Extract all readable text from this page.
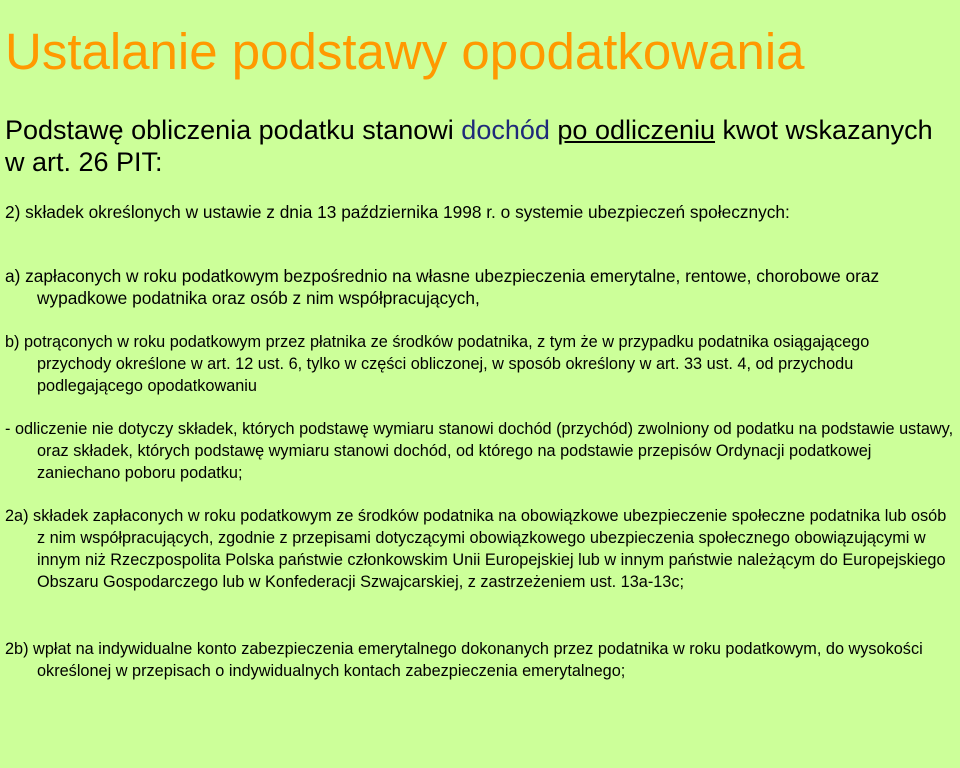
Ustalanie podstawy opodatkowania

Podstawę obliczenia podatku stanowi dochód po odliczeniu kwot wskazanych w art. 26 PIT:

2) składek określonych w ustawie z dnia 13 października 1998 r. o systemie ubezpieczeń społecznych:

a) zapłaconych w roku podatkowym bezpośrednio na własne ubezpieczenia emerytalne, rentowe, chorobowe oraz wypadkowe podatnika oraz osób z nim współpracujących,

b) potrąconych w roku podatkowym przez płatnika ze środków podatnika, z tym że w przypadku podatnika osiągającego przychody określone w art. 12 ust. 6, tylko w części obliczonej, w sposób określony w art. 33 ust. 4, od przychodu podlegającego opodatkowaniu

- odliczenie nie dotyczy składek, których podstawę wymiaru stanowi dochód (przychód) zwolniony od podatku na podstawie ustawy, oraz składek, których podstawę wymiaru stanowi dochód, od którego na podstawie przepisów Ordynacji podatkowej zaniechano poboru podatku;

2a) składek zapłaconych w roku podatkowym ze środków podatnika na obowiązkowe ubezpieczenie społeczne podatnika lub osób z nim współpracujących, zgodnie z przepisami dotyczącymi obowiązkowego ubezpieczenia społecznego obowiązującymi w innym niż Rzeczpospolita Polska państwie członkowskim Unii Europejskiej lub w innym państwie należącym do Europejskiego Obszaru Gospodarczego lub w Konfederacji Szwajcarskiej, z zastrzeżeniem ust. 13a-13c;

2b) wpłat na indywidualne konto zabezpieczenia emerytalnego dokonanych przez podatnika w roku podatkowym, do wysokości określonej w przepisach o indywidualnych kontach zabezpieczenia emerytalnego;
